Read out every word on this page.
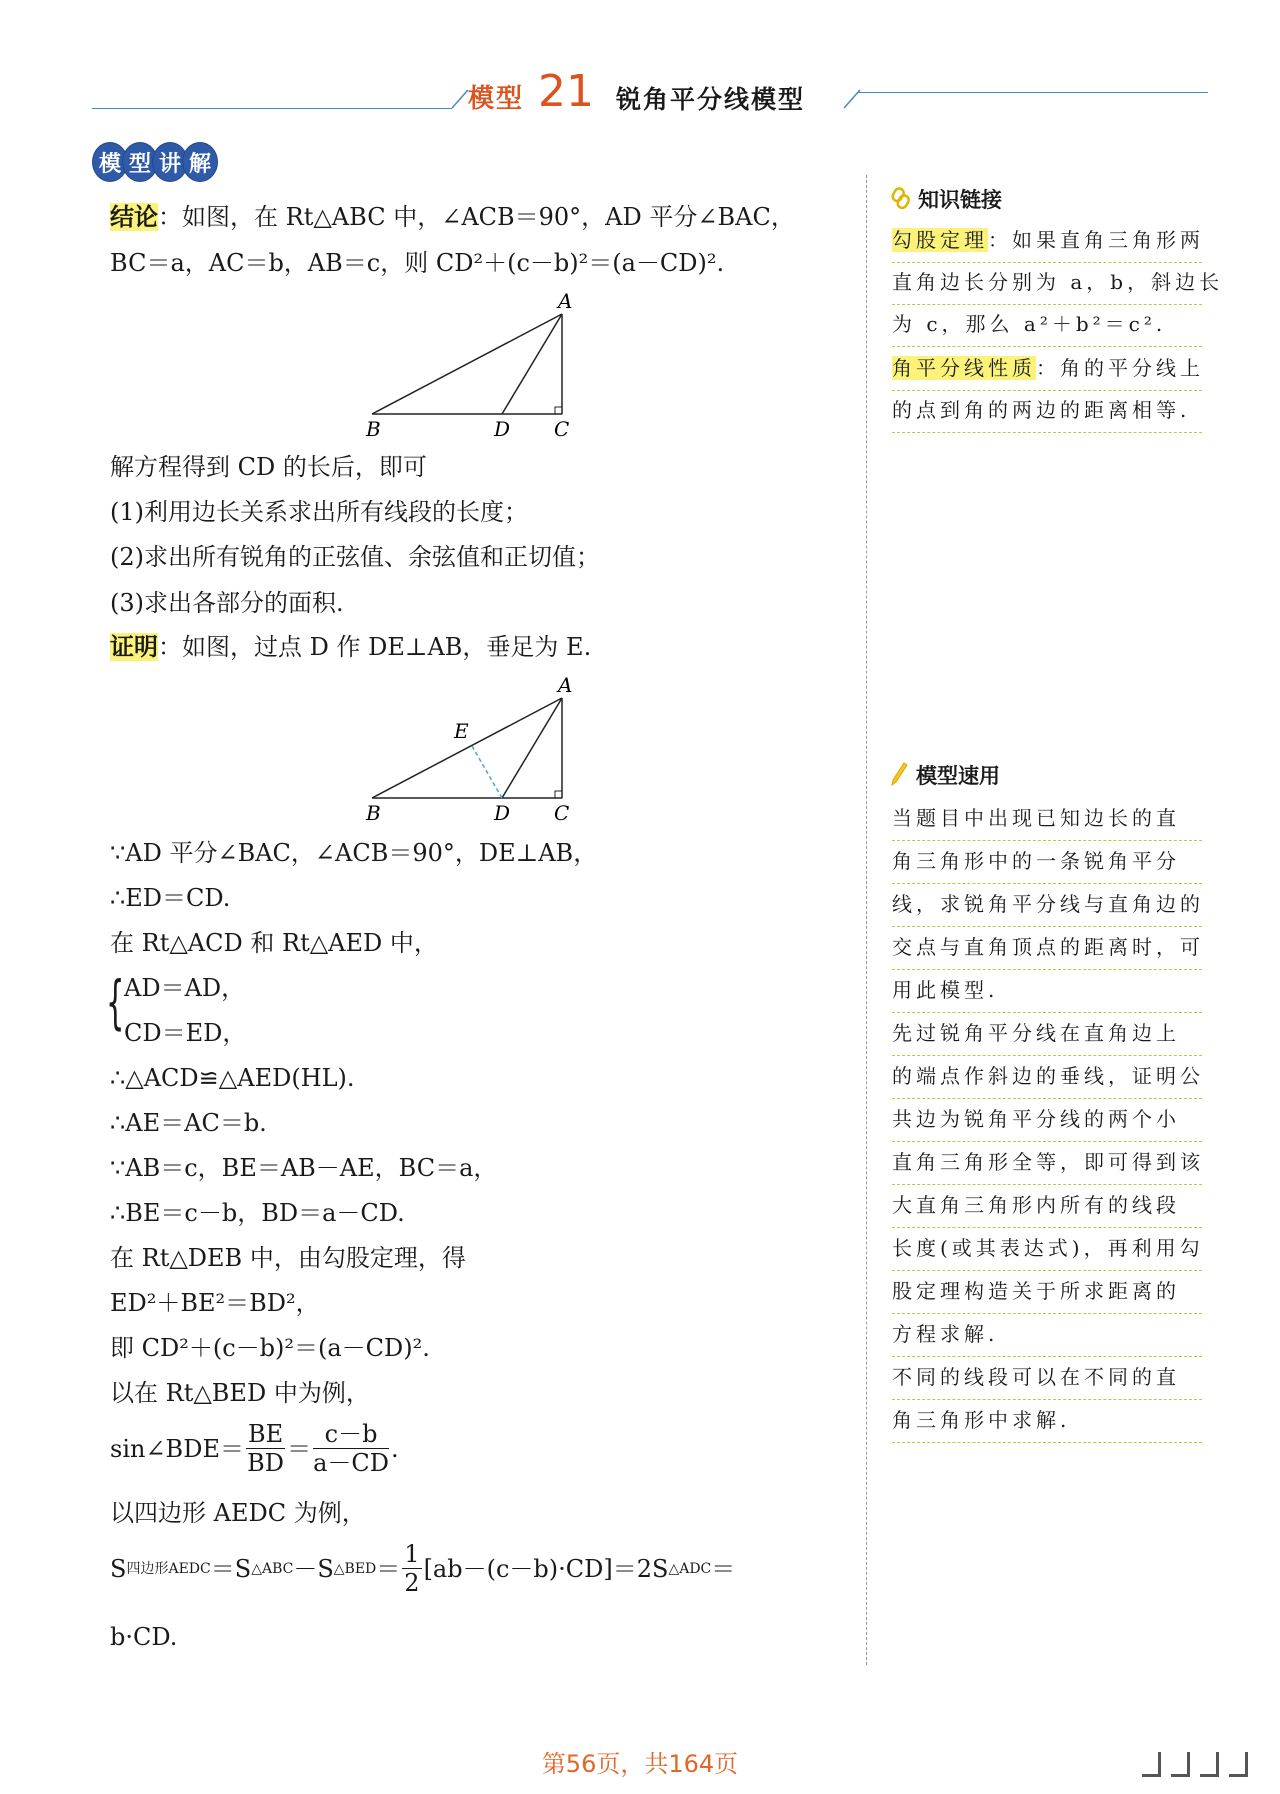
模型 21 锐角平分线模型
模 型 讲 解
结论：如图，在 Rt△ABC 中，∠ACB＝90°，AD 平分∠BAC，
BC＝a，AC＝b，AB＝c，则 CD²＋(c－b)²＝(a－CD)².
A
B	D C
解方程得到 CD 的长后，即可
(1)利用边长关系求出所有线段的长度；
(2)求出所有锐角的正弦值、余弦值和正切值；
(3)求出各部分的面积.
证明：如图，过点 D 作 DE⊥AB，垂足为 E.
A
E
B	D C
∵AD 平分∠BAC，∠ACB＝90°，DE⊥AB，
∴ED＝CD.
在 Rt△ACD 和 Rt△AED 中，
{ AD＝AD，
CD＝ED，
∴△ACD≌△AED(HL).
∴AE＝AC＝b.
∵AB＝c，BE＝AB－AE，BC＝a，
∴BE＝c－b，BD＝a－CD.
在 Rt△DEB 中，由勾股定理，得
ED²＋BE²＝BD²，
即 CD²＋(c－b)²＝(a－CD)².
以在 Rt△BED 中为例，
sin∠BDE＝ $\frac{BE}{BD} = \frac{c-b}{a-CD}$ .
以四边形 AEDC 为例，
S 四边形AEDC ＝S △ABC －S △BED ＝ $\frac{1}{2} [ab-(c-b)\cdot CD]=2S$ △ADC ＝
b·CD.
知识链接
勾股定理：如果直角三角形两
直角边长分别为 a，b，斜边长
为 c，那么 a²＋b²＝c².
角平分线性质：角的平分线上
的点到角的两边的距离相等.
模型速用
当题目中出现已知边长的直
角三角形中的一条锐角平分
线，求锐角平分线与直角边的
交点与直角顶点的距离时，可
用此模型.
先过锐角平分线在直角边上
的端点作斜边的垂线，证明公
共边为锐角平分线的两个小
直角三角形全等，即可得到该
大直角三角形内所有的线段
长度(或其表达式)，再利用勾
股定理构造关于所求距离的
方程求解.
不同的线段可以在不同的直
角三角形中求解.
第56页，共164页
